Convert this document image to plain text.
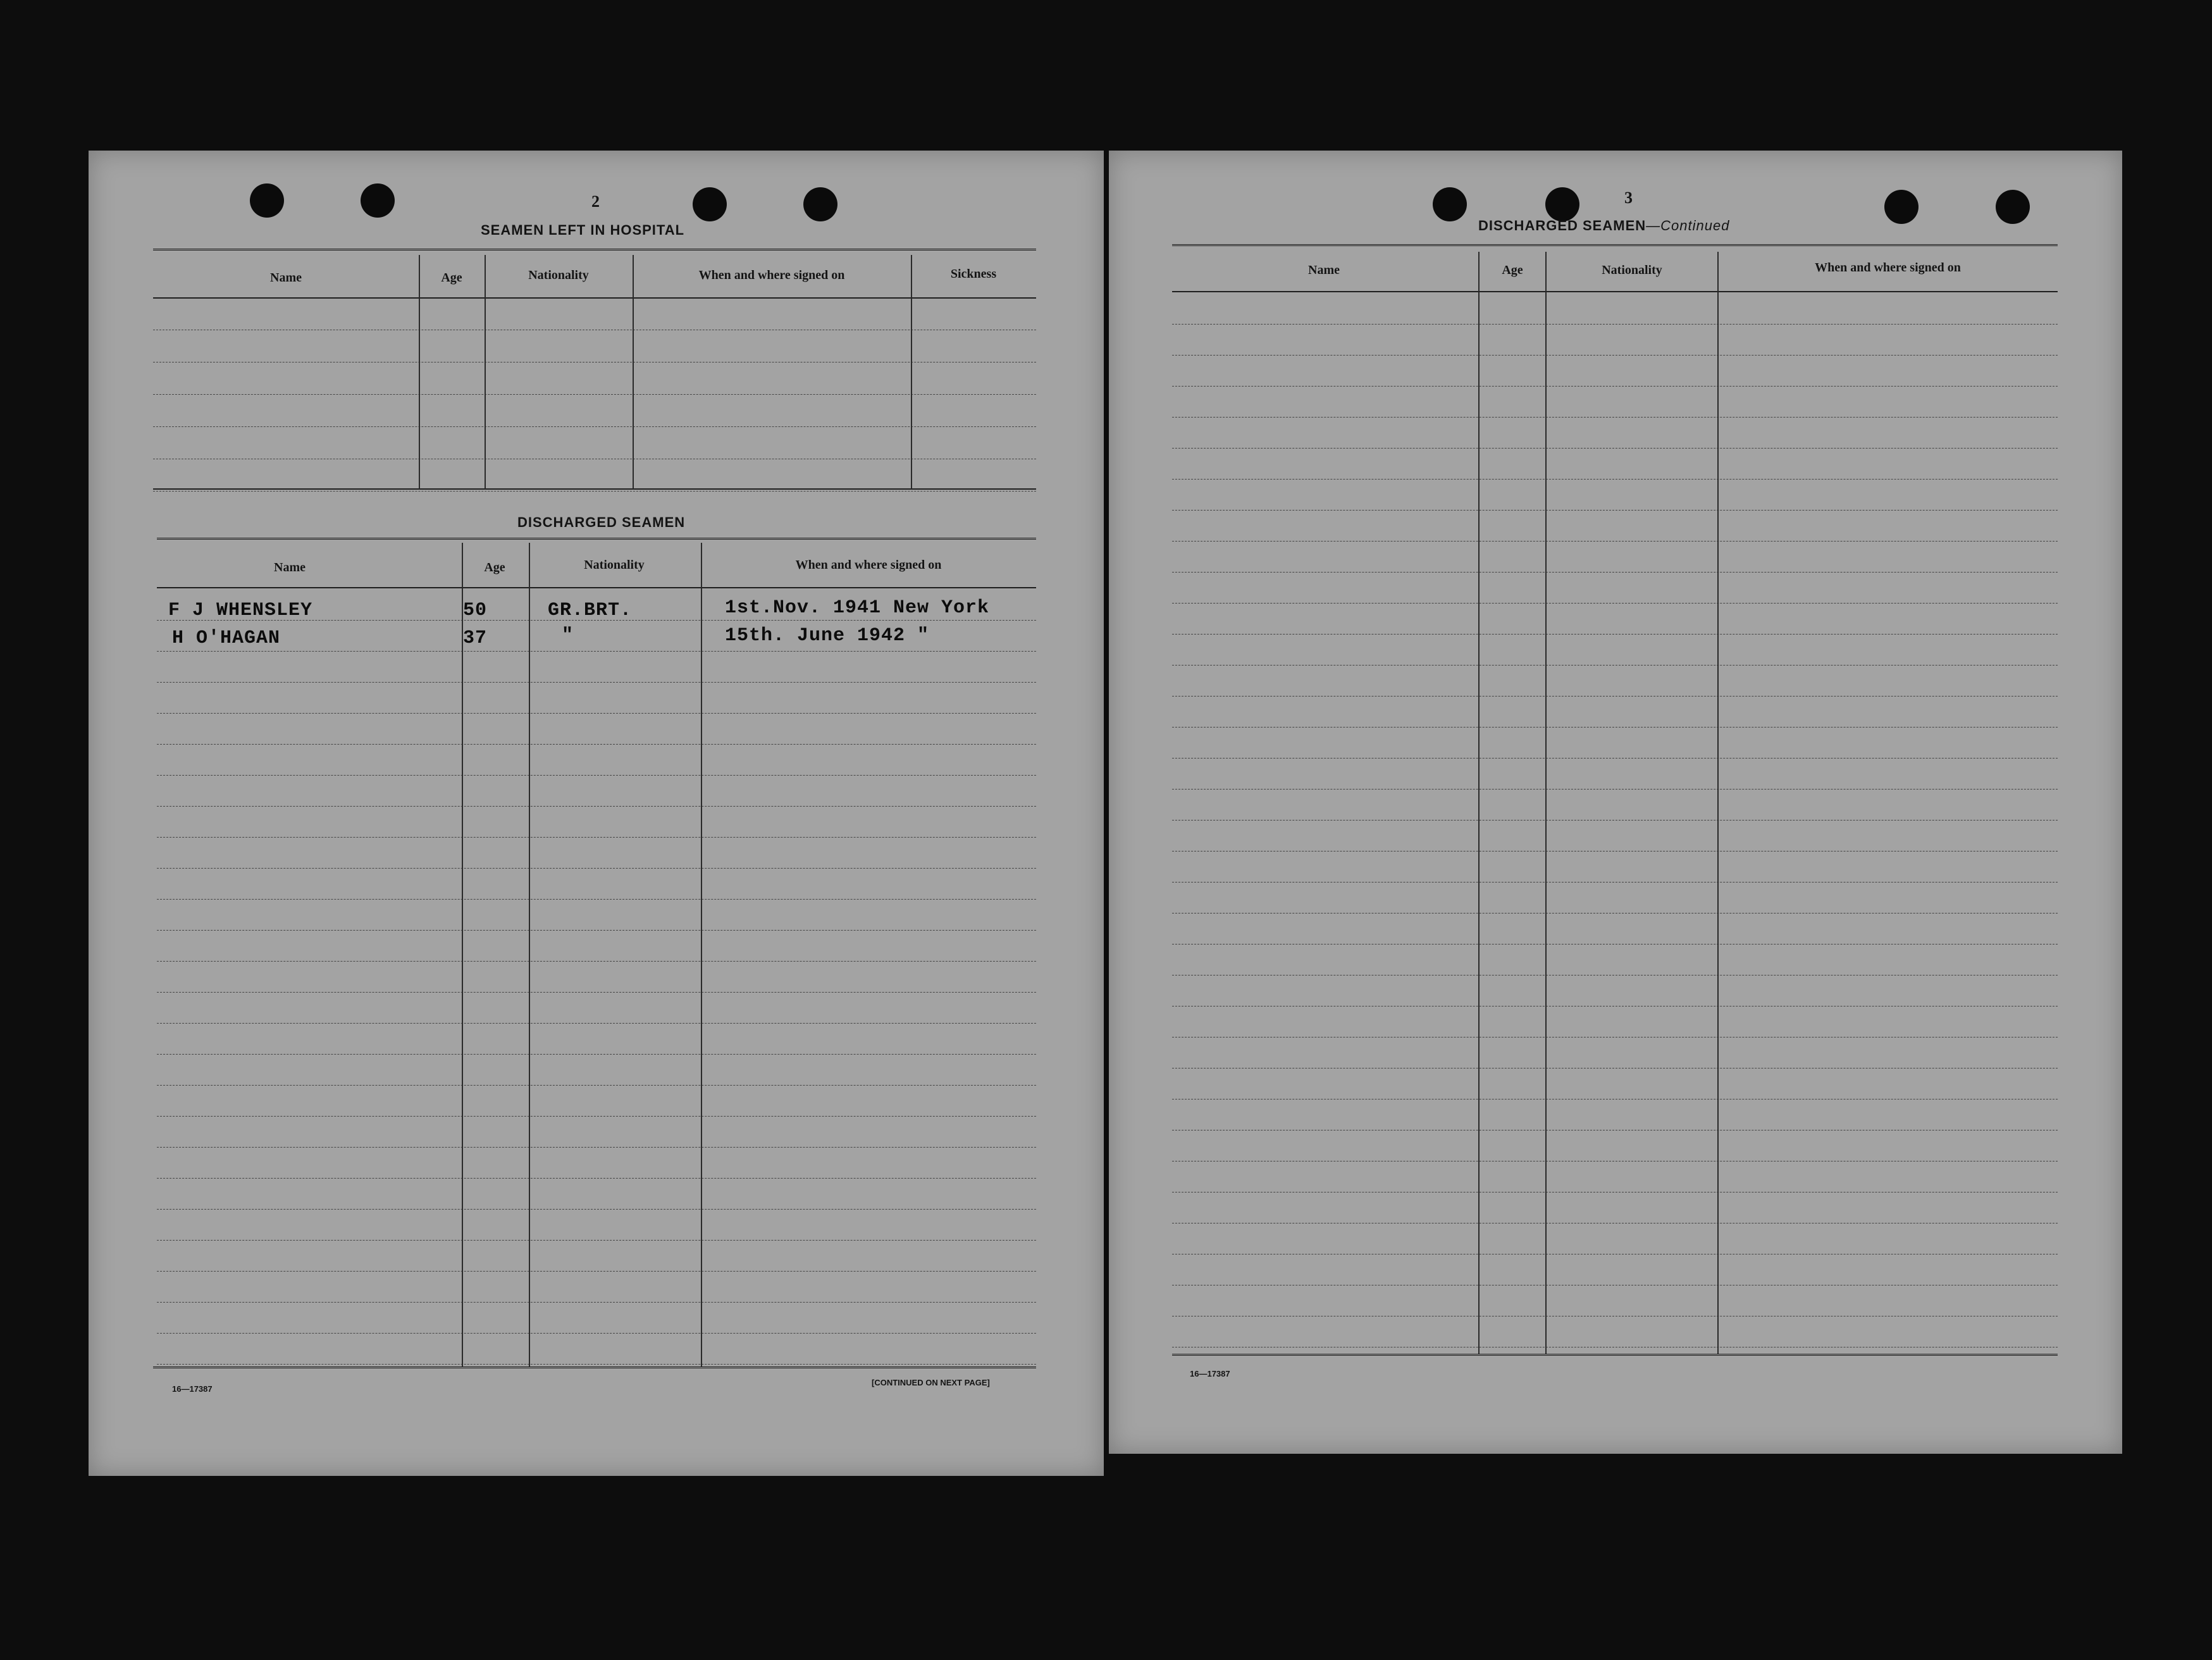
2
SEAMEN LEFT IN HOSPITAL
Name	Age	Nationality	When and where signed on	Sickness
DISCHARGED SEAMEN
Name	Age	Nationality	When and where signed on
F J WHENSLEY	50	GR.BRT.	1st.Nov. 1941 New York
H O'HAGAN	37	"	15th. June 1942 "
16—17387
[CONTINUED ON NEXT PAGE]
3
DISCHARGED SEAMEN—Continued
Name	Age	Nationality	When and where signed on
16—17387
